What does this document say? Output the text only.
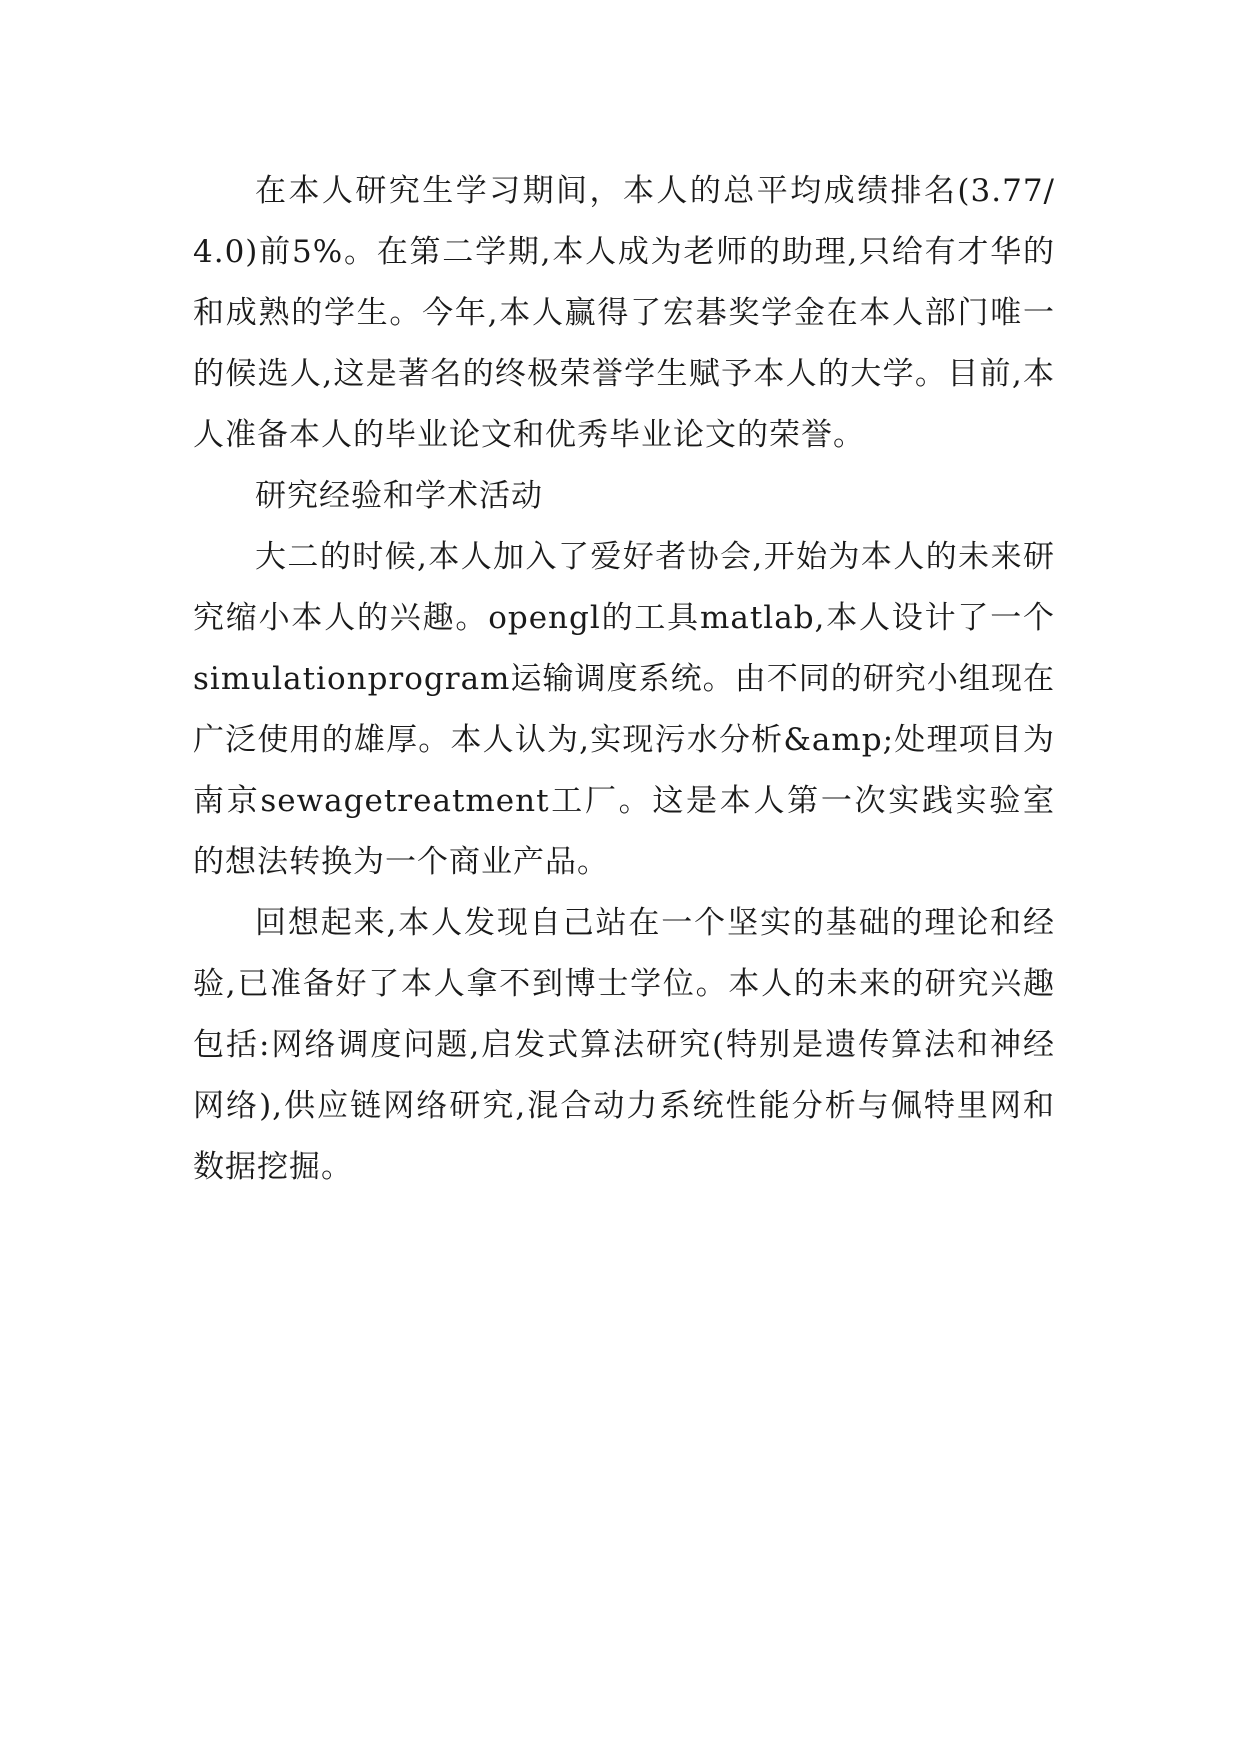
在本人研究生学习期间，本人的总平均成绩排名(3.77/4.0)前5%。在第二学期,本人成为老师的助理,只给有才华的和成熟的学生。今年,本人赢得了宏碁奖学金在本人部门唯一的候选人,这是著名的终极荣誉学生赋予本人的大学。目前,本人准备本人的毕业论文和优秀毕业论文的荣誉。

研究经验和学术活动

大二的时候,本人加入了爱好者协会,开始为本人的未来研究缩小本人的兴趣。opengl的工具matlab,本人设计了一个simulationprogram运输调度系统。由不同的研究小组现在广泛使用的雄厚。本人认为,实现污水分析&amp;处理项目为南京sewagetreatment工厂。这是本人第一次实践实验室的想法转换为一个商业产品。

回想起来,本人发现自己站在一个坚实的基础的理论和经验,已准备好了本人拿不到博士学位。本人的未来的研究兴趣包括:网络调度问题,启发式算法研究(特别是遗传算法和神经网络),供应链网络研究,混合动力系统性能分析与佩特里网和数据挖掘。
